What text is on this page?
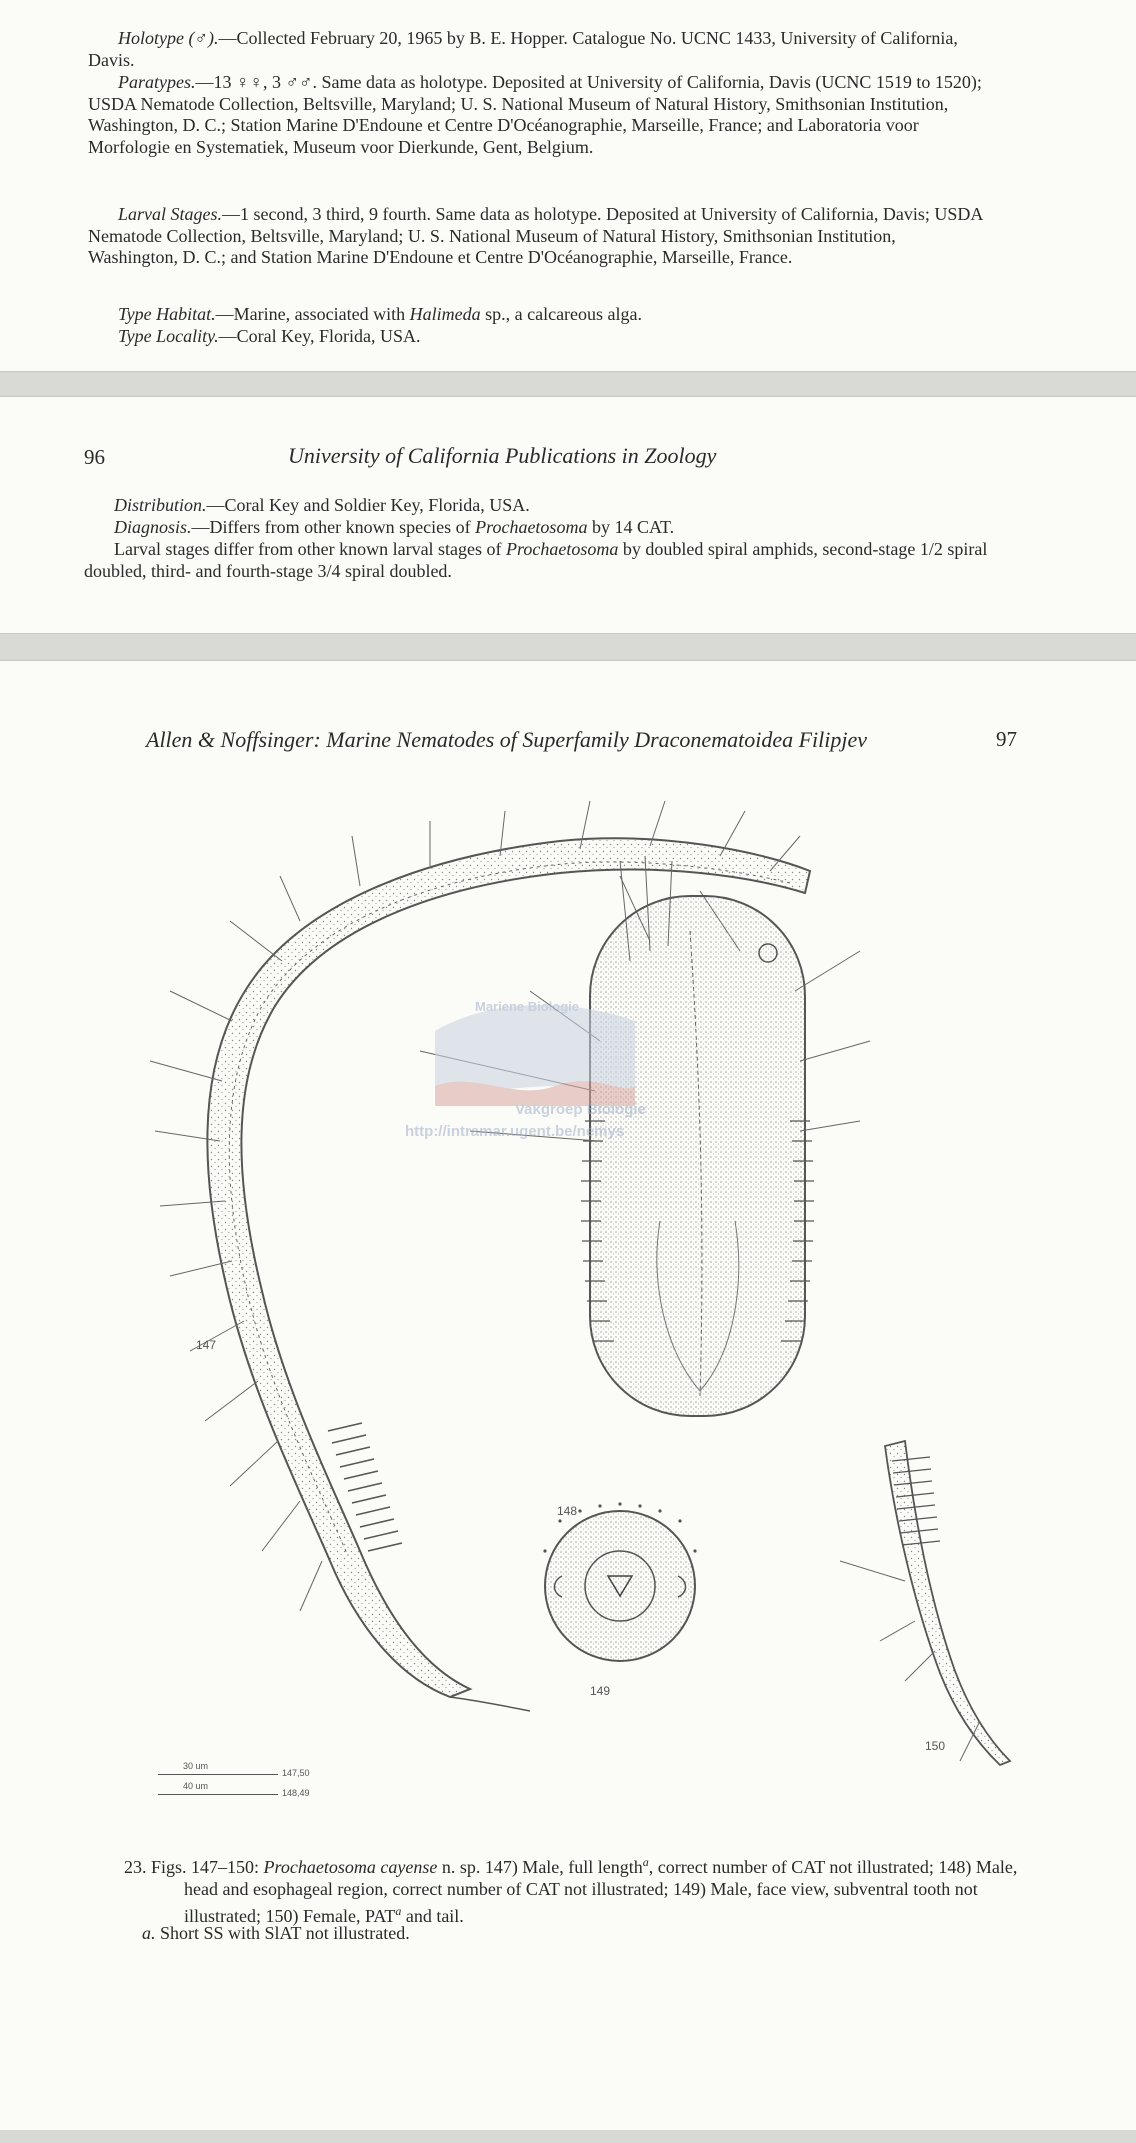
Holotype (♂).—Collected February 20, 1965 by B. E. Hopper. Catalogue No. UCNC 1433, University of California, Davis.

Paratypes.—13 ♀♀, 3 ♂♂. Same data as holotype. Deposited at University of California, Davis (UCNC 1519 to 1520); USDA Nematode Collection, Beltsville, Maryland; U. S. National Museum of Natural History, Smithsonian Institution, Washington, D. C.; Station Marine D'Endoune et Centre D'Océanographie, Marseille, France; and Laboratoria voor Morfologie en Systematiek, Museum voor Dierkunde, Gent, Belgium.

Larval Stages.—1 second, 3 third, 9 fourth. Same data as holotype. Deposited at University of California, Davis; USDA Nematode Collection, Beltsville, Maryland; U. S. National Museum of Natural History, Smithsonian Institution, Washington, D. C.; and Station Marine D'Endoune et Centre D'Océanographie, Marseille, France.

Type Habitat.—Marine, associated with Halimeda sp., a calcareous alga.

Type Locality.—Coral Key, Florida, USA.

96	University of California Publications in Zoology

Distribution.—Coral Key and Soldier Key, Florida, USA.

Diagnosis.—Differs from other known species of Prochaetosoma by 14 CAT.

Larval stages differ from other known larval stages of Prochaetosoma by doubled spiral amphids, second-stage 1/2 spiral doubled, third- and fourth-stage 3/4 spiral doubled.

Allen & Noffsinger: Marine Nematodes of Superfamily Draconematoidea Filipjev	97
Mariene Biologie
Vakgroep Biologie
http://intramar.ugent.be/nemys
147
148
149
150
30 um
147,50
40 um
148,49
23. Figs. 147–150: Prochaetosoma cayense n. sp. 147) Male, full length$^a$, correct number of CAT not illustrated; 148) Male, head and esophageal region, correct number of CAT not illustrated; 149) Male, face view, subventral tooth not illustrated; 150) Female, PAT$^a$ and tail.
a. Short SS with SlAT not illustrated.
